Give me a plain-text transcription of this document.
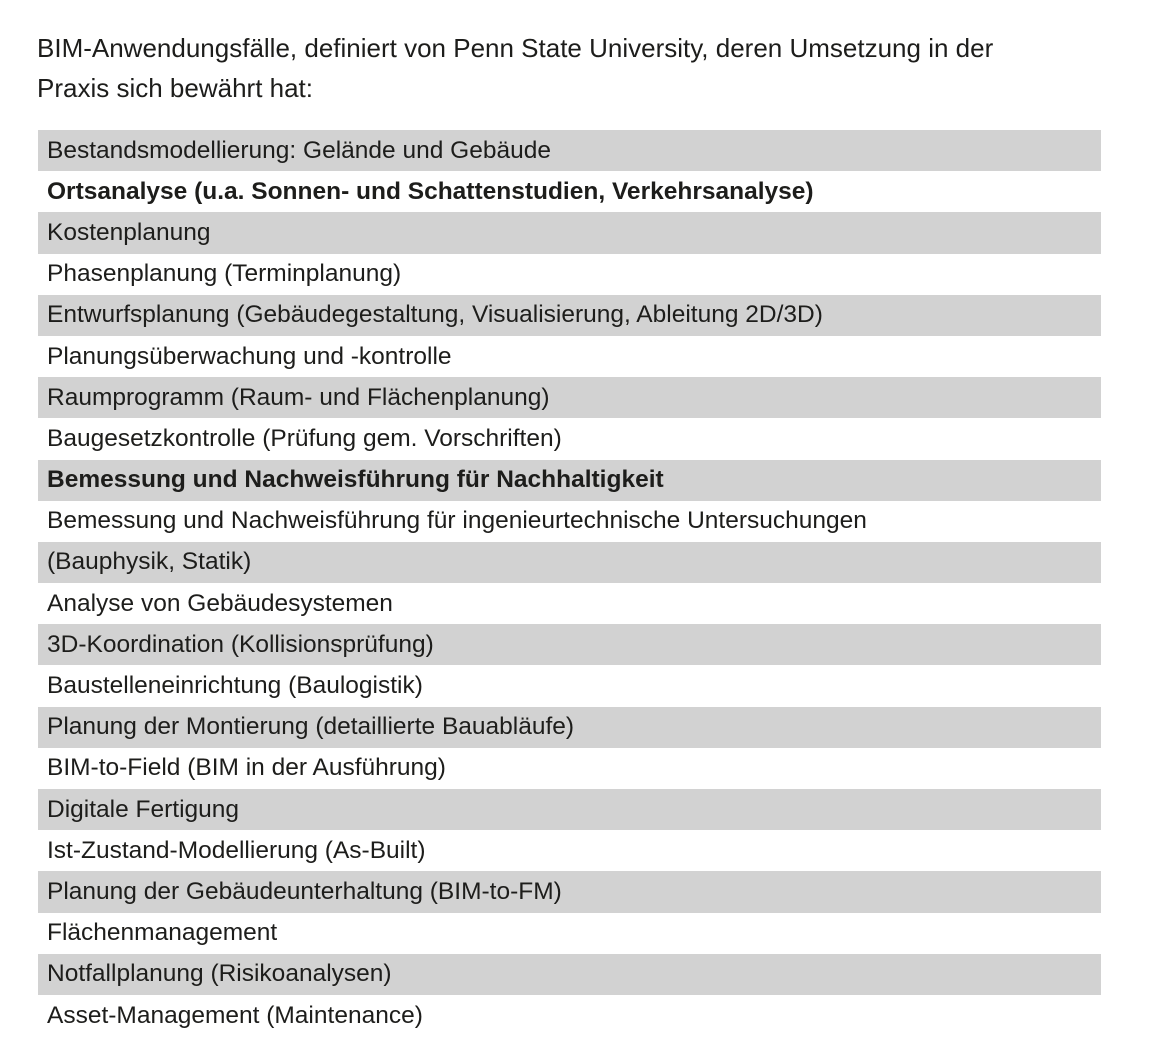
BIM-Anwendungsfälle, definiert von Penn State University, deren Umsetzung in der
Praxis sich bewährt hat:

Bestandsmodellierung: Gelände und Gebäude
Ortsanalyse (u.a. Sonnen- und Schattenstudien, Verkehrsanalyse)
Kostenplanung
Phasenplanung (Terminplanung)
Entwurfsplanung (Gebäudegestaltung, Visualisierung, Ableitung 2D/3D)
Planungsüberwachung und -kontrolle
Raumprogramm (Raum- und Flächenplanung)
Baugesetzkontrolle (Prüfung gem. Vorschriften)
Bemessung und Nachweisführung für Nachhaltigkeit
Bemessung und Nachweisführung für ingenieurtechnische Untersuchungen
(Bauphysik, Statik)
Analyse von Gebäudesystemen
3D-Koordination (Kollisionsprüfung)
Baustelleneinrichtung (Baulogistik)
Planung der Montierung (detaillierte Bauabläufe)
BIM-to-Field (BIM in der Ausführung)
Digitale Fertigung
Ist-Zustand-Modellierung (As-Built)
Planung der Gebäudeunterhaltung (BIM-to-FM)
Flächenmanagement
Notfallplanung (Risikoanalysen)
Asset-Management (Maintenance)
